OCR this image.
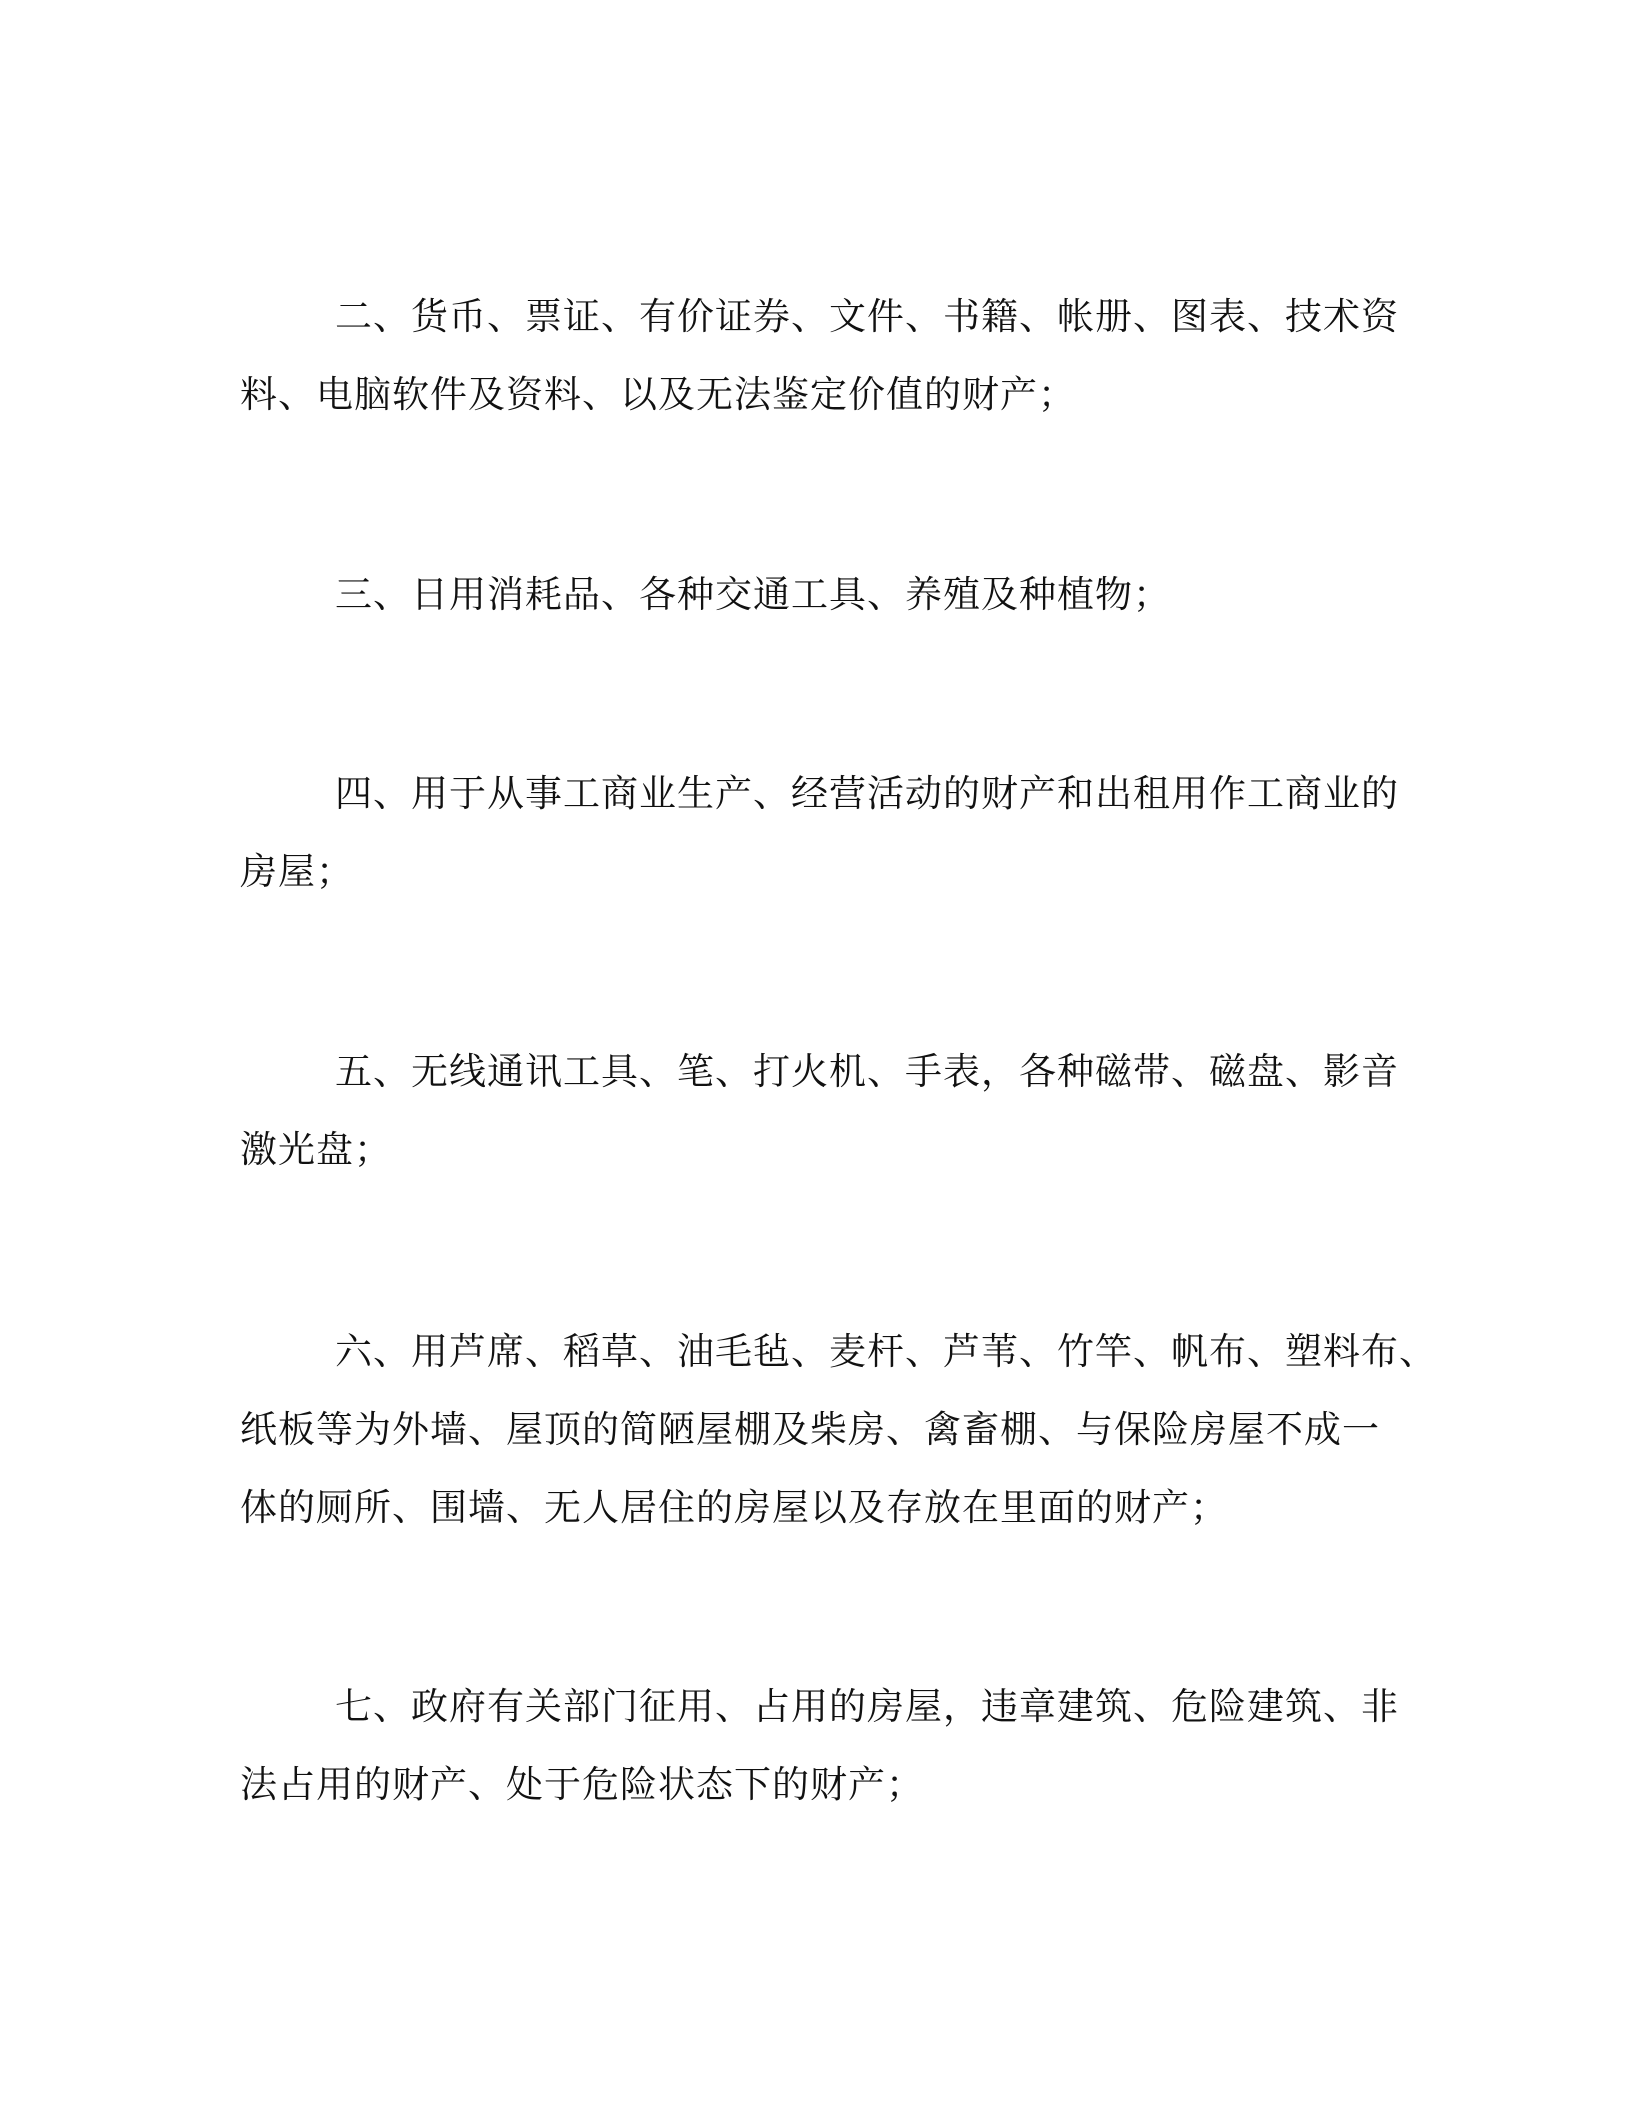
二、货币、票证、有价证券、文件、书籍、帐册、图表、技术资
料、电脑软件及资料、以及无法鉴定价值的财产；
三、日用消耗品、各种交通工具、养殖及种植物；
四、用于从事工商业生产、经营活动的财产和出租用作工商业的
房屋；
五、无线通讯工具、笔、打火机、手表，各种磁带、磁盘、影音
激光盘；
六、用芦席、稻草、油毛毡、麦杆、芦苇、竹竿、帆布、塑料布、
纸板等为外墙、屋顶的简陋屋棚及柴房、禽畜棚、与保险房屋不成一
体的厕所、围墙、无人居住的房屋以及存放在里面的财产；
七、政府有关部门征用、占用的房屋，违章建筑、危险建筑、非
法占用的财产、处于危险状态下的财产；
